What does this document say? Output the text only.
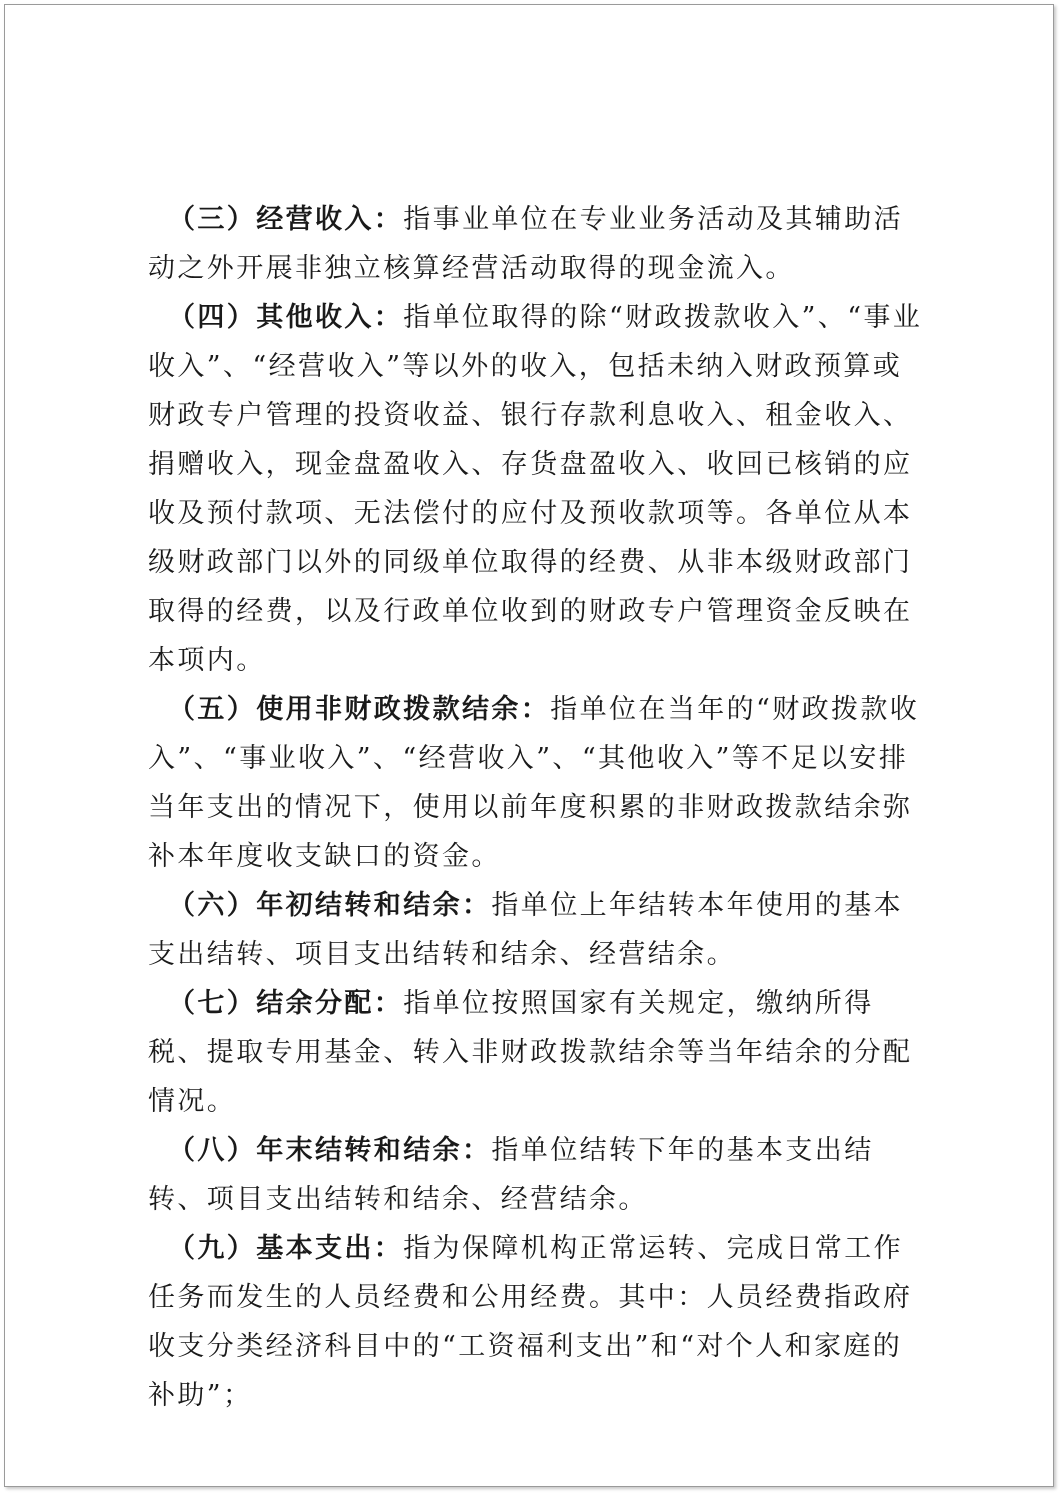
（三）经营收入：指事业单位在专业业务活动及其辅助活动之外开展非独立核算经营活动取得的现金流入。

（四）其他收入：指单位取得的除“财政拨款收入”、“事业收入”、“经营收入”等以外的收入，包括未纳入财政预算或财政专户管理的投资收益、银行存款利息收入、租金收入、捐赠收入，现金盘盈收入、存货盘盈收入、收回已核销的应收及预付款项、无法偿付的应付及预收款项等。各单位从本级财政部门以外的同级单位取得的经费、从非本级财政部门取得的经费，以及行政单位收到的财政专户管理资金反映在本项内。

（五）使用非财政拨款结余：指单位在当年的“财政拨款收入”、“事业收入”、“经营收入”、“其他收入”等不足以安排当年支出的情况下，使用以前年度积累的非财政拨款结余弥补本年度收支缺口的资金。

（六）年初结转和结余：指单位上年结转本年使用的基本支出结转、项目支出结转和结余、经营结余。

（七）结余分配：指单位按照国家有关规定，缴纳所得税、提取专用基金、转入非财政拨款结余等当年结余的分配情况。

（八）年末结转和结余：指单位结转下年的基本支出结转、项目支出结转和结余、经营结余。

（九）基本支出：指为保障机构正常运转、完成日常工作任务而发生的人员经费和公用经费。其中：人员经费指政府收支分类经济科目中的“工资福利支出”和“对个人和家庭的补助”；
